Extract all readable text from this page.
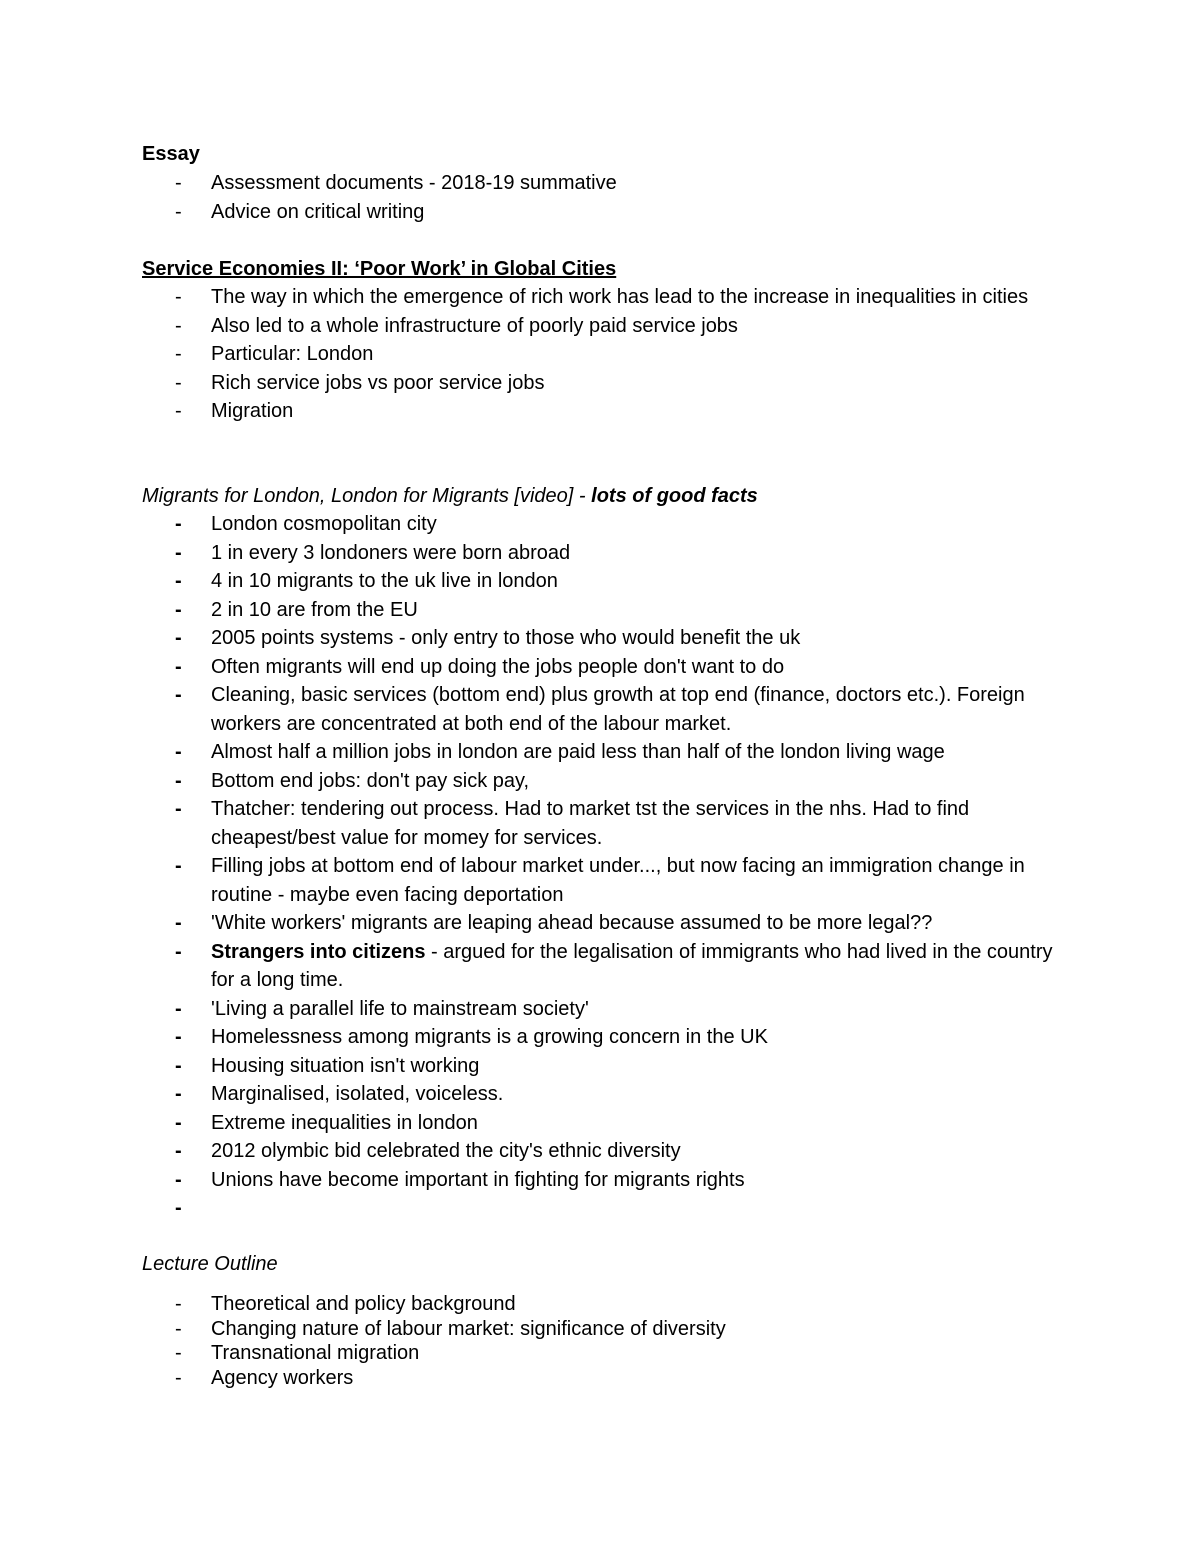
Essay
- Assessment documents - 2018-19 summative
- Advice on critical writing
Service Economies II: ‘Poor Work’ in Global Cities
- The way in which the emergence of rich work has lead to the increase in inequalities in cities
- Also led to a whole infrastructure of poorly paid service jobs
- Particular: London
- Rich service jobs vs poor service jobs
- Migration
Migrants for London, London for Migrants [video] - lots of good facts
- London cosmopolitan city
- 1 in every 3 londoners were born abroad
- 4 in 10 migrants to the uk live in london
- 2 in 10 are from the EU
- 2005 points systems - only entry to those who would benefit the uk
- Often migrants will end up doing the jobs people don't want to do
- Cleaning, basic services (bottom end) plus growth at top end (finance, doctors etc.). Foreign workers are concentrated at both end of the labour market.
- Almost half a million jobs in london are paid less than half of the london living wage
- Bottom end jobs: don't pay sick pay,
- Thatcher: tendering out process. Had to market tst the services in the nhs. Had to find cheapest/best value for momey for services.
- Filling jobs at bottom end of labour market under..., but now facing an immigration change in routine - maybe even facing deportation
- 'White workers' migrants are leaping ahead because assumed to be more legal??
- Strangers into citizens - argued for the legalisation of immigrants who had lived in the country for a long time.
- 'Living a parallel life to mainstream society'
- Homelessness among migrants is a growing concern in the UK
- Housing situation isn't working
- Marginalised, isolated, voiceless.
- Extreme inequalities in london
- 2012 olymbic bid celebrated the city's ethnic diversity
- Unions have become important in fighting for migrants rights
-

Lecture Outline
- Theoretical and policy background
- Changing nature of labour market: significance of diversity
- Transnational migration
- Agency workers
